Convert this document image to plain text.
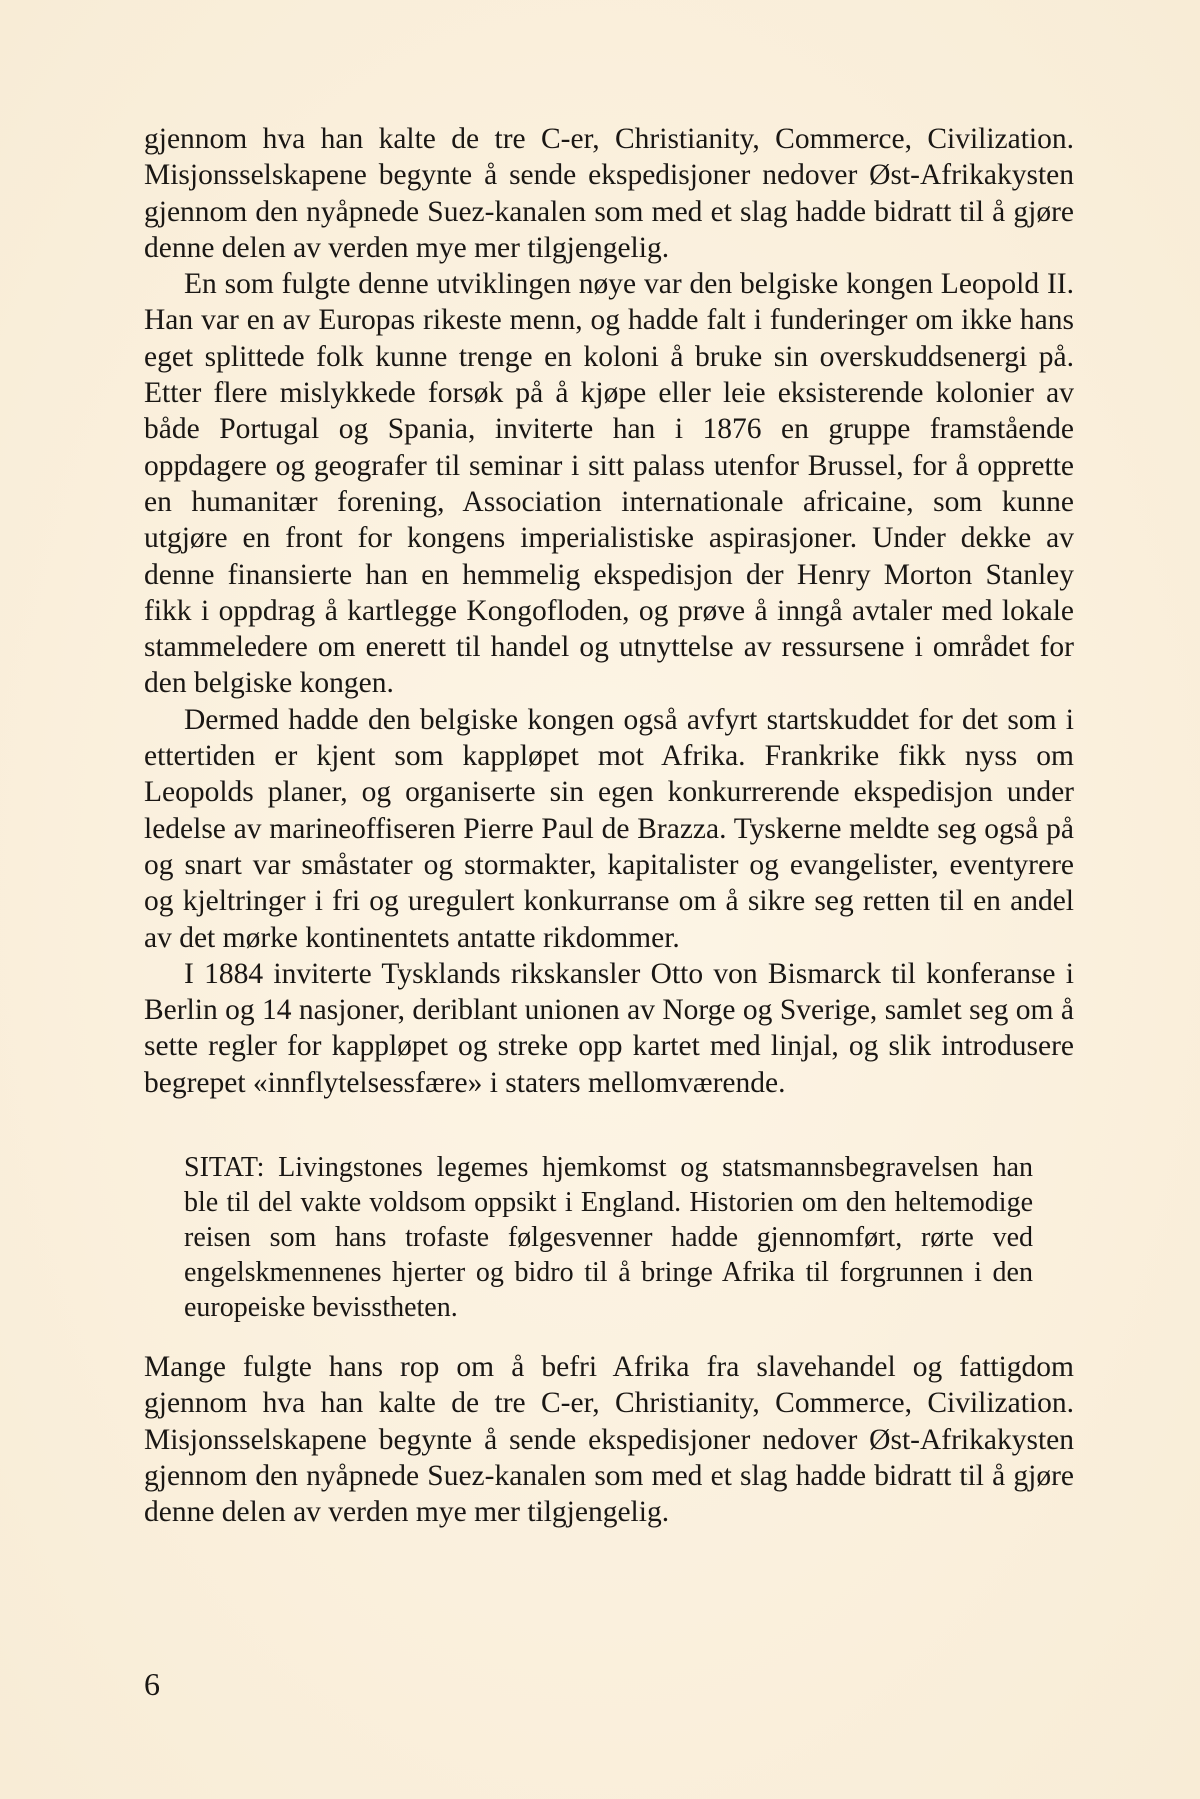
gjennom hva han kalte de tre C-er, Christianity, Commerce, Civilization. Misjonsselskapene begynte å sende ekspedisjoner nedover Øst-Afrikakysten gjennom den nyåpnede Suez-kanalen som med et slag hadde bidratt til å gjøre denne delen av verden mye mer tilgjengelig.

En som fulgte denne utviklingen nøye var den belgiske kongen Leopold II. Han var en av Europas rikeste menn, og hadde falt i funderinger om ikke hans eget splittede folk kunne trenge en koloni å bruke sin overskuddsenergi på. Etter flere mislykkede forsøk på å kjøpe eller leie eksisterende kolonier av både Portugal og Spania, inviterte han i 1876 en gruppe framstående oppdagere og geografer til seminar i sitt palass utenfor Brussel, for å opprette en humanitær forening, Association internationale africaine, som kunne utgjøre en front for kongens imperialistiske aspirasjoner. Under dekke av denne finansierte han en hemmelig ekspedisjon der Henry Morton Stanley fikk i oppdrag å kartlegge Kongofloden, og prøve å inngå avtaler med lokale stammeledere om enerett til handel og utnyttelse av ressursene i området for den belgiske kongen.

Dermed hadde den belgiske kongen også avfyrt startskuddet for det som i ettertiden er kjent som kappløpet mot Afrika. Frankrike fikk nyss om Leopolds planer, og organiserte sin egen konkurrerende ekspedisjon under ledelse av marineoffiseren Pierre Paul de Brazza. Tyskerne meldte seg også på og snart var småstater og stormakter, kapitalister og evangelister, eventyrere og kjeltringer i fri og uregulert konkurranse om å sikre seg retten til en andel av det mørke kontinentets antatte rikdommer.

I 1884 inviterte Tysklands rikskansler Otto von Bismarck til konferanse i Berlin og 14 nasjoner, deriblant unionen av Norge og Sverige, samlet seg om å sette regler for kappløpet og streke opp kartet med linjal, og slik introdusere begrepet «innflytelsessfære» i staters mellomværende.

SITAT: Livingstones legemes hjemkomst og statsmannsbegravelsen han ble til del vakte voldsom oppsikt i England. Historien om den heltemodige reisen som hans trofaste følgesvenner hadde gjennomført, rørte ved engelskmennenes hjerter og bidro til å bringe Afrika til forgrunnen i den europeiske bevisstheten.

Mange fulgte hans rop om å befri Afrika fra slavehandel og fattigdom gjennom hva han kalte de tre C-er, Christianity, Commerce, Civilization. Misjonsselskapene begynte å sende ekspedisjoner nedover Øst-Afrikakysten gjennom den nyåpnede Suez-kanalen som med et slag hadde bidratt til å gjøre denne delen av verden mye mer tilgjengelig.

6
